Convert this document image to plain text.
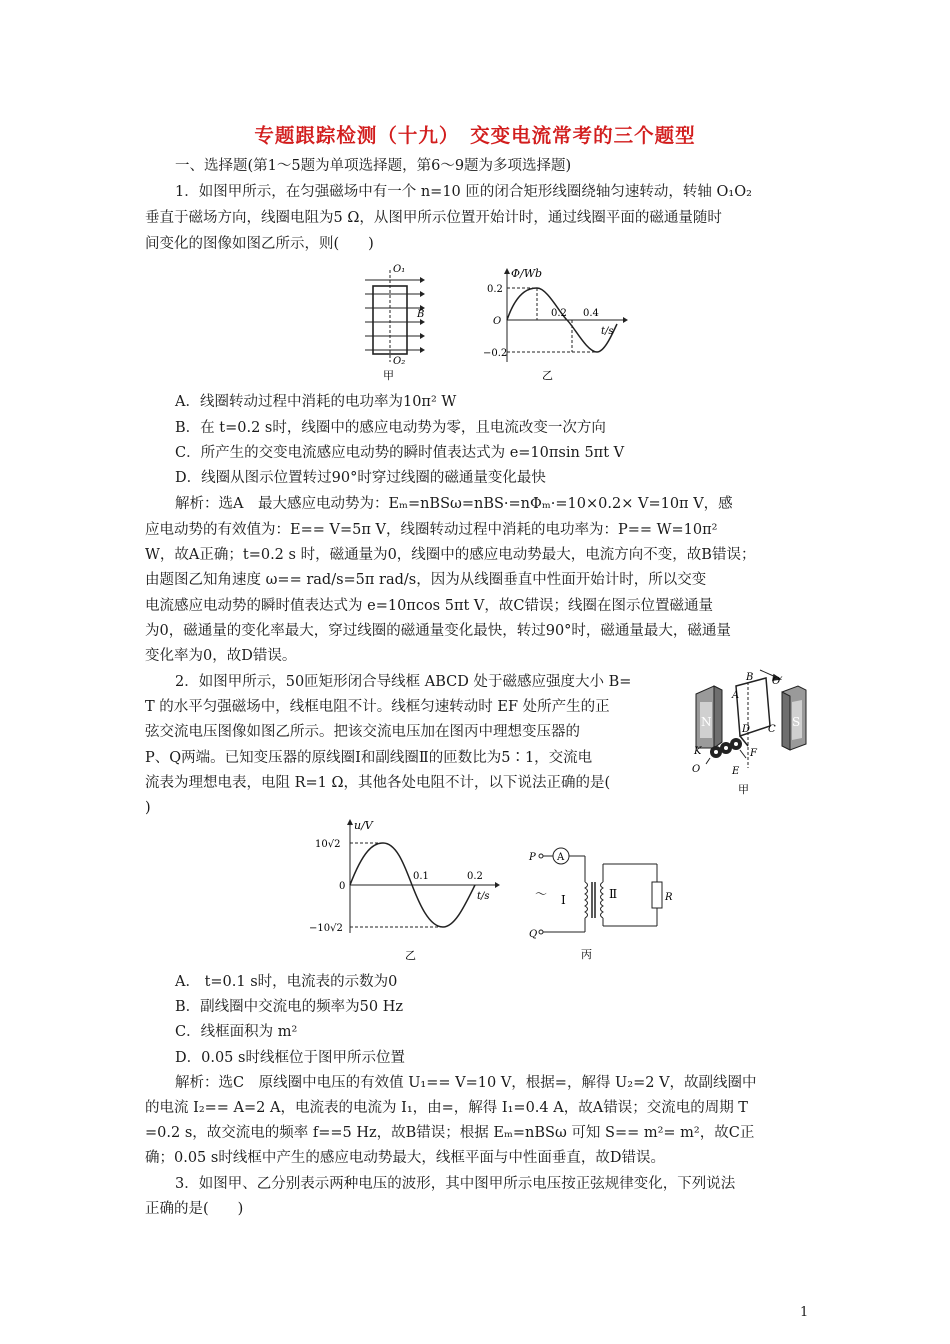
专题跟踪检测（十九）　交变电流常考的三个题型
一、选择题(第1～5题为单项选择题，第6～9题为多项选择题)
1．如图甲所示，在匀强磁场中有一个 n=10 匝的闭合矩形线圈绕轴匀速转动，转轴 O₁O₂
垂直于磁场方向，线圈电阻为5 Ω，从图甲所示位置开始计时，通过线圈平面的磁通量随时
间变化的图像如图乙所示，则(　　)
O₁
O₂
B
甲
Φ/Wb
0.2
O
−0.2
0.2 0.4
t/s
乙
A．线圈转动过程中消耗的电功率为10π² W
B．在 t=0.2 s时，线圈中的感应电动势为零，且电流改变一次方向
C．所产生的交变电流感应电动势的瞬时值表达式为 e=10πsin 5πt V
D．线圈从图示位置转过90°时穿过线圈的磁通量变化最快
解析：选A　最大感应电动势为：Eₘ=nBSω=nBS·=nΦₘ·=10×0.2× V=10π V，感
应电动势的有效值为：E== V=5π V，线圈转动过程中消耗的电功率为：P== W=10π²
W，故A正确；t=0.2 s 时，磁通量为0，线圈中的感应电动势最大，电流方向不变，故B错误；
由题图乙知角速度 ω== rad/s=5π rad/s，因为从线圈垂直中性面开始计时，所以交变
电流感应电动势的瞬时值表达式为 e=10πcos 5πt V，故C错误；线圈在图示位置磁通量
为0，磁通量的变化率最大，穿过线圈的磁通量变化最快，转过90°时，磁通量最大，磁通量
变化率为0，故D错误。
2．如图甲所示，50匝矩形闭合导线框 ABCD 处于磁感应强度大小 B=
T 的水平匀强磁场中，线框电阻不计。线框匀速转动时 EF 处所产生的正
弦交流电压图像如图乙所示。把该交流电压加在图丙中理想变压器的
P、Q两端。已知变压器的原线圈Ⅰ和副线圈Ⅱ的匝数比为5∶1，交流电
流表为理想电表，电阻 R=1 Ω，其他各处电阻不计，以下说法正确的是(
)
N	S
A
B
C
D
O′
K
O	E
F
甲
u/V
10√2
0
−10√2
0.1	0.2
t/s
乙
P
Q
A
～ Ⅰ	Ⅱ	R
丙
A． t=0.1 s时，电流表的示数为0
B．副线圈中交流电的频率为50 Hz
C．线框面积为 m²
D．0.05 s时线框位于图甲所示位置
解析：选C　原线圈中电压的有效值 U₁== V=10 V，根据=，解得 U₂=2 V，故副线圈中
的电流 I₂== A=2 A，电流表的电流为 I₁，由=，解得 I₁=0.4 A，故A错误；交流电的周期 T
=0.2 s，故交流电的频率 f==5 Hz，故B错误；根据 Eₘ=nBSω 可知 S== m²= m²，故C正
确；0.05 s时线框中产生的感应电动势最大，线框平面与中性面垂直，故D错误。
3．如图甲、乙分别表示两种电压的波形，其中图甲所示电压按正弦规律变化，下列说法
正确的是(　　)
1
